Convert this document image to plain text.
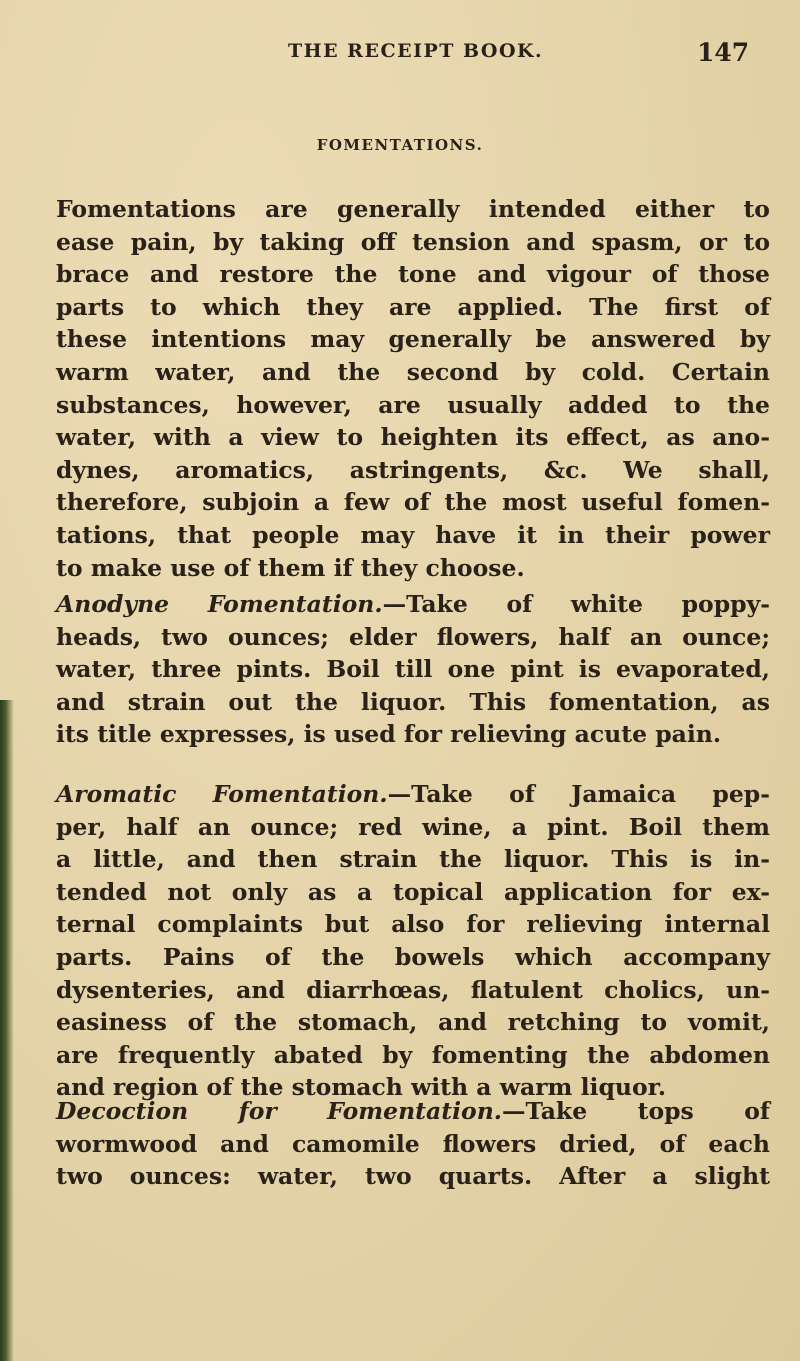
THE RECEIPT BOOK.	147
FOMENTATIONS.
Fomentations are generally intended either to
ease pain, by taking off tension and spasm, or to
brace and restore the tone and vigour of those
parts to which they are applied. The first of
these intentions may generally be answered by
warm water, and the second by cold. Certain
substances, however, are usually added to the
water, with a view to heighten its effect, as ano-
dynes, aromatics, astringents, &c. We shall,
therefore, subjoin a few of the most useful fomen-
tations, that people may have it in their power
to make use of them if they choose.
Anodyne Fomentation.—Take of white poppy-
heads, two ounces; elder flowers, half an ounce;
water, three pints. Boil till one pint is evaporated,
and strain out the liquor. This fomentation, as
its title expresses, is used for relieving acute pain.
Aromatic Fomentation.—Take of Jamaica pep-
per, half an ounce; red wine, a pint. Boil them
a little, and then strain the liquor. This is in-
tended not only as a topical application for ex-
ternal complaints but also for relieving internal
parts. Pains of the bowels which accompany
dysenteries, and diarrhœas, flatulent cholics, un-
easiness of the stomach, and retching to vomit,
are frequently abated by fomenting the abdomen
and region of the stomach with a warm liquor.
Decoction for Fomentation.—Take tops of
wormwood and camomile flowers dried, of each
two ounces: water, two quarts. After a slight
